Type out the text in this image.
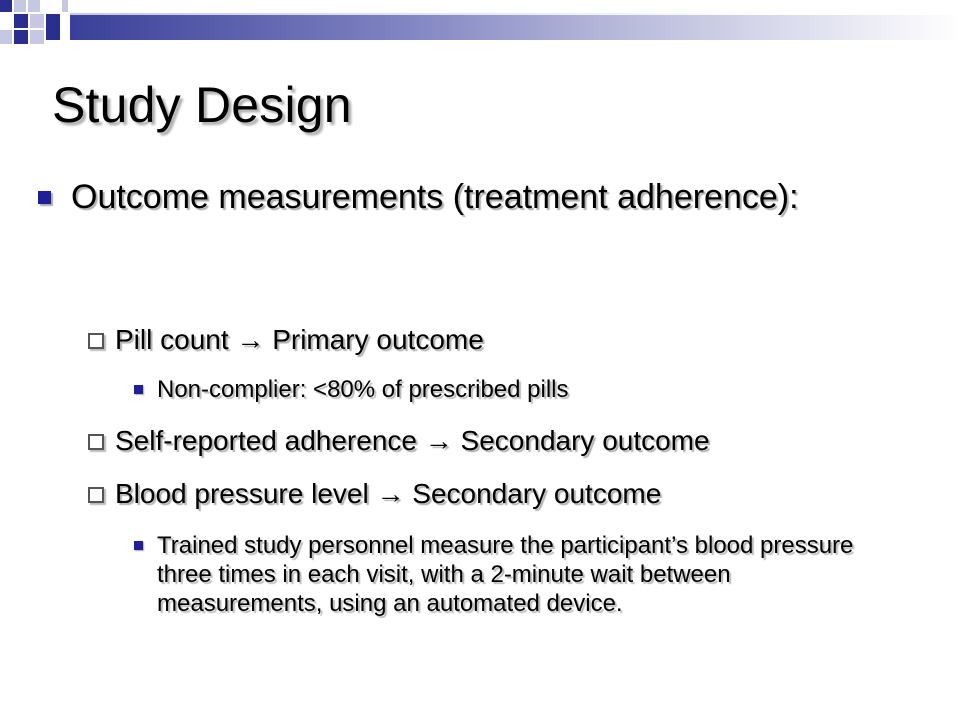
Study Design
Outcome measurements (treatment adherence):
Pill count → Primary outcome
Non-complier: <80% of prescribed pills
Self-reported adherence → Secondary outcome
Blood pressure level → Secondary outcome
Trained study personnel measure the participant’s blood pressure three times in each visit, with a 2-minute wait between measurements, using an automated device.
